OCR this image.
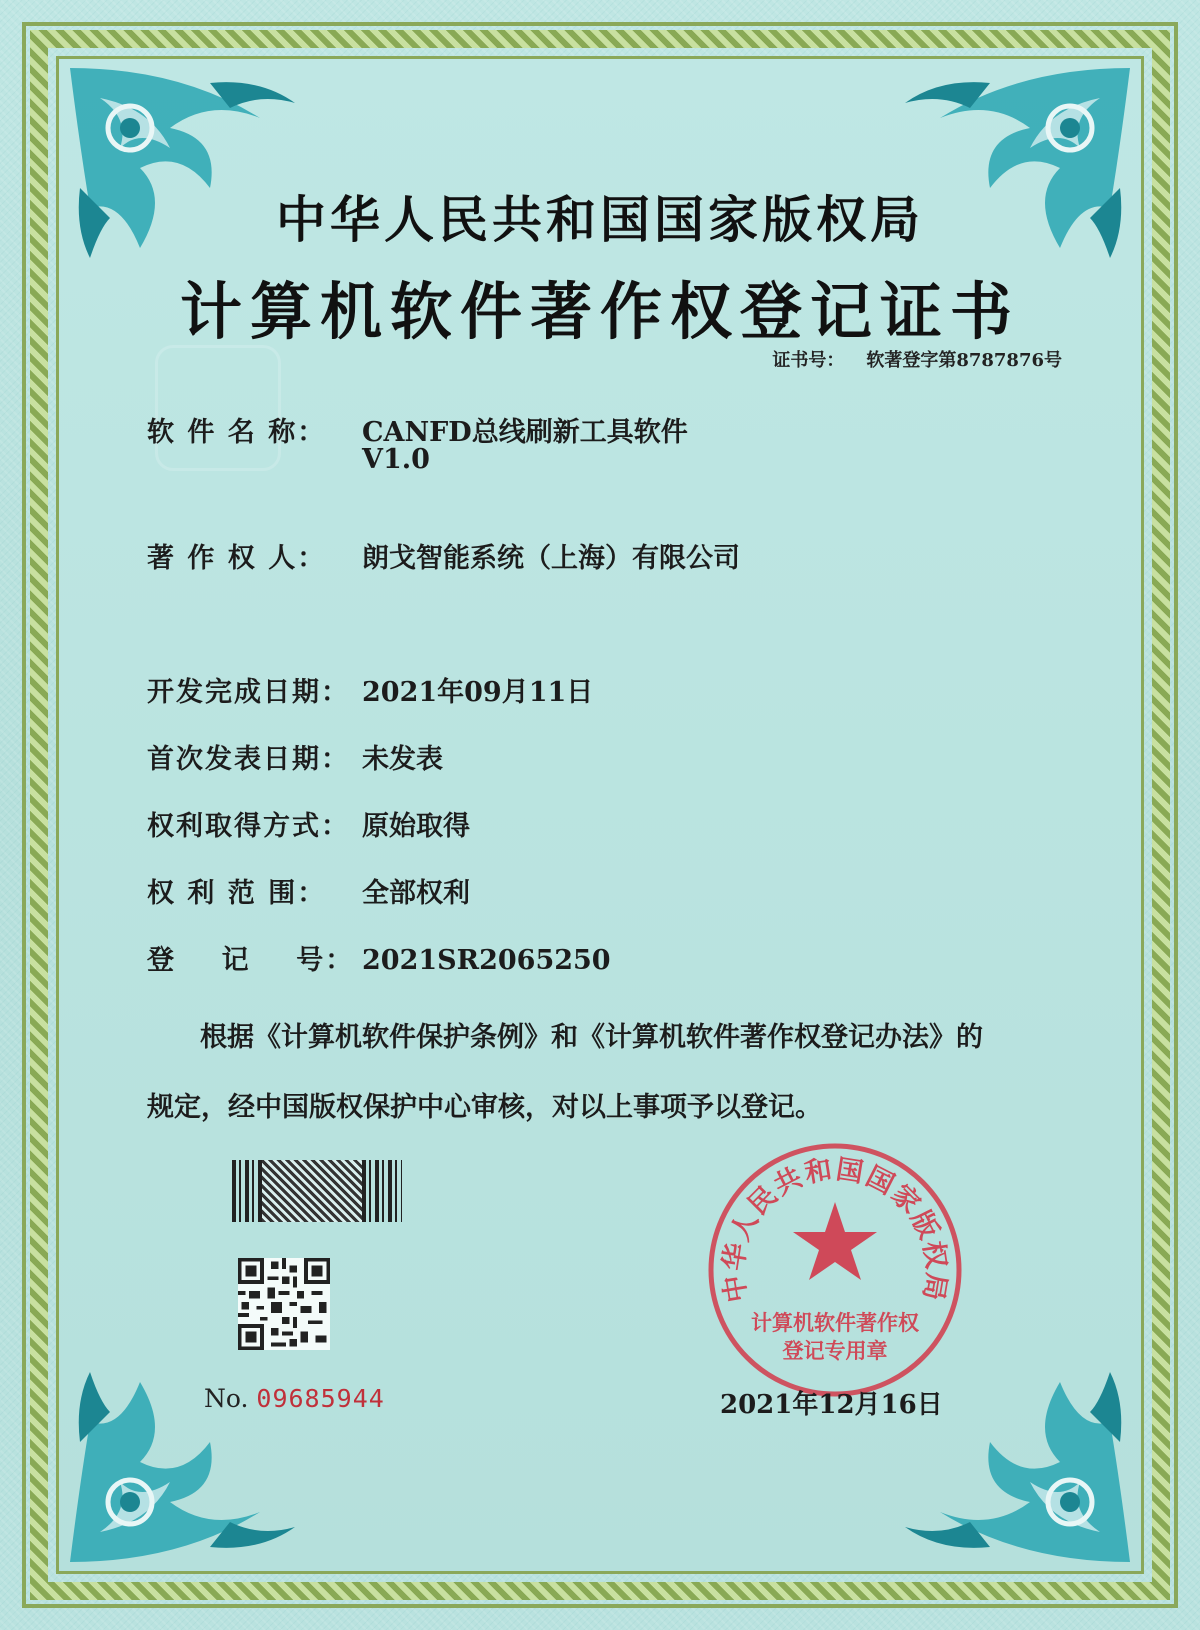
中华人民共和国国家版权局
计算机软件著作权登记证书
证书号： 软著登字第8787876号
软 件 名 称： CANFD总线刷新工具软件
V1.0
著 作 权 人： 朗戈智能系统（上海）有限公司
开发完成日期： 2021年09月11日
首次发表日期： 未发表
权利取得方式： 原始取得
权 利 范 围： 全部权利
登    记    号： 2021SR2065250
根据《计算机软件保护条例》和《计算机软件著作权登记办法》的
规定，经中国版权保护中心审核，对以上事项予以登记。
No. 09685944
中华人民共和国国家版权局
计算机软件著作权
登记专用章
2021年12月16日
